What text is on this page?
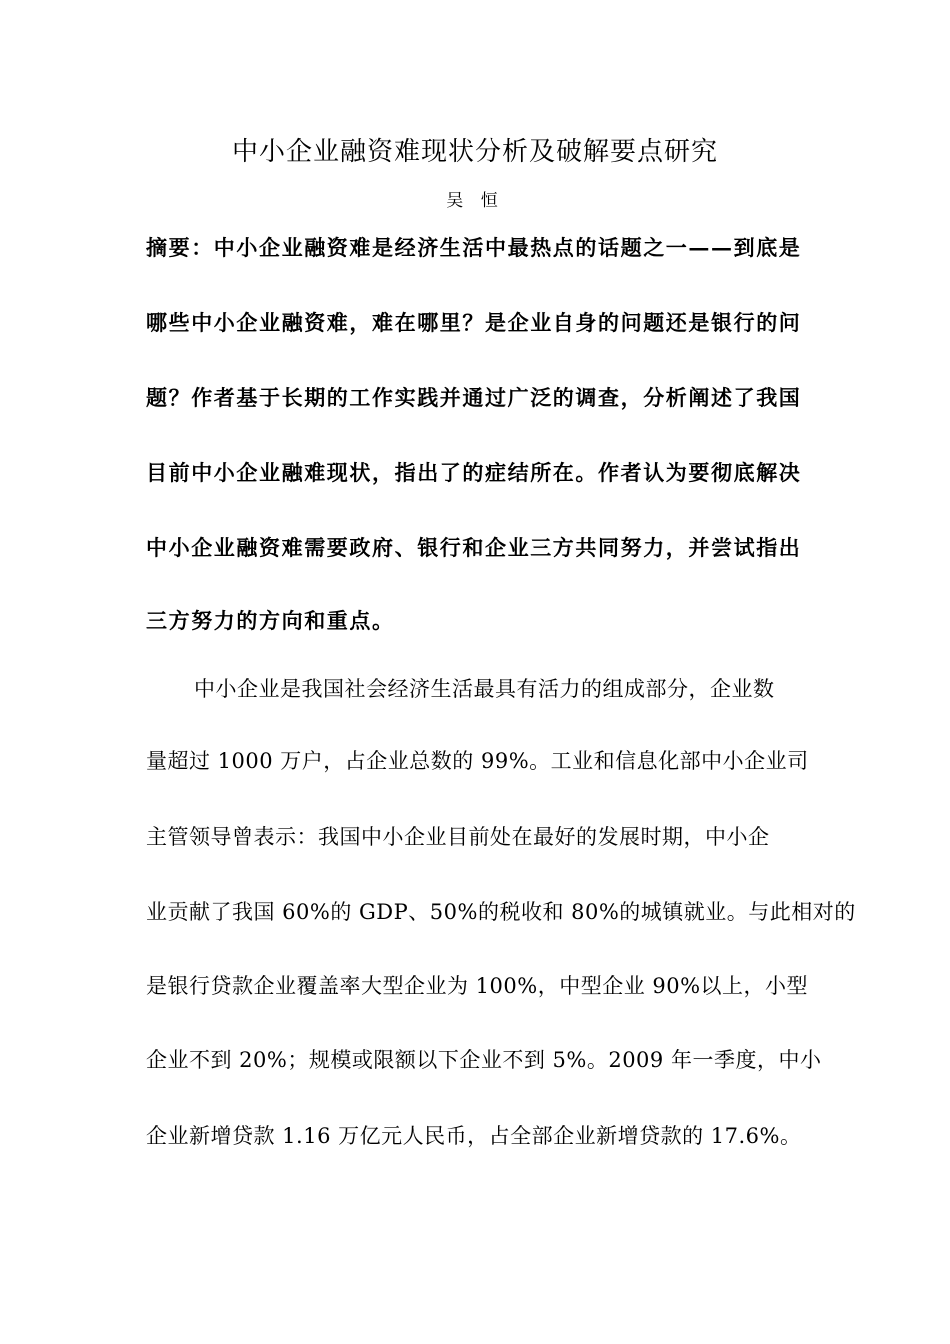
中小企业融资难现状分析及破解要点研究
吴 恒
摘要：中小企业融资难是经济生活中最热点的话题之一——到底是
哪些中小企业融资难，难在哪里？是企业自身的问题还是银行的问
题？作者基于长期的工作实践并通过广泛的调查，分析阐述了我国
目前中小企业融难现状，指出了的症结所在。作者认为要彻底解决
中小企业融资难需要政府、银行和企业三方共同努力，并尝试指出
三方努力的方向和重点。
中小企业是我国社会经济生活最具有活力的组成部分，企业数
量超过 1000 万户，占企业总数的 99%。工业和信息化部中小企业司
主管领导曾表示：我国中小企业目前处在最好的发展时期，中小企
业贡献了我国 60%的 GDP、50%的税收和 80%的城镇就业。与此相对的
是银行贷款企业覆盖率大型企业为 100%，中型企业 90%以上，小型
企业不到 20%；规模或限额以下企业不到 5%。2009 年一季度，中小
企业新增贷款 1.16 万亿元人民币，占全部企业新增贷款的 17.6%。
